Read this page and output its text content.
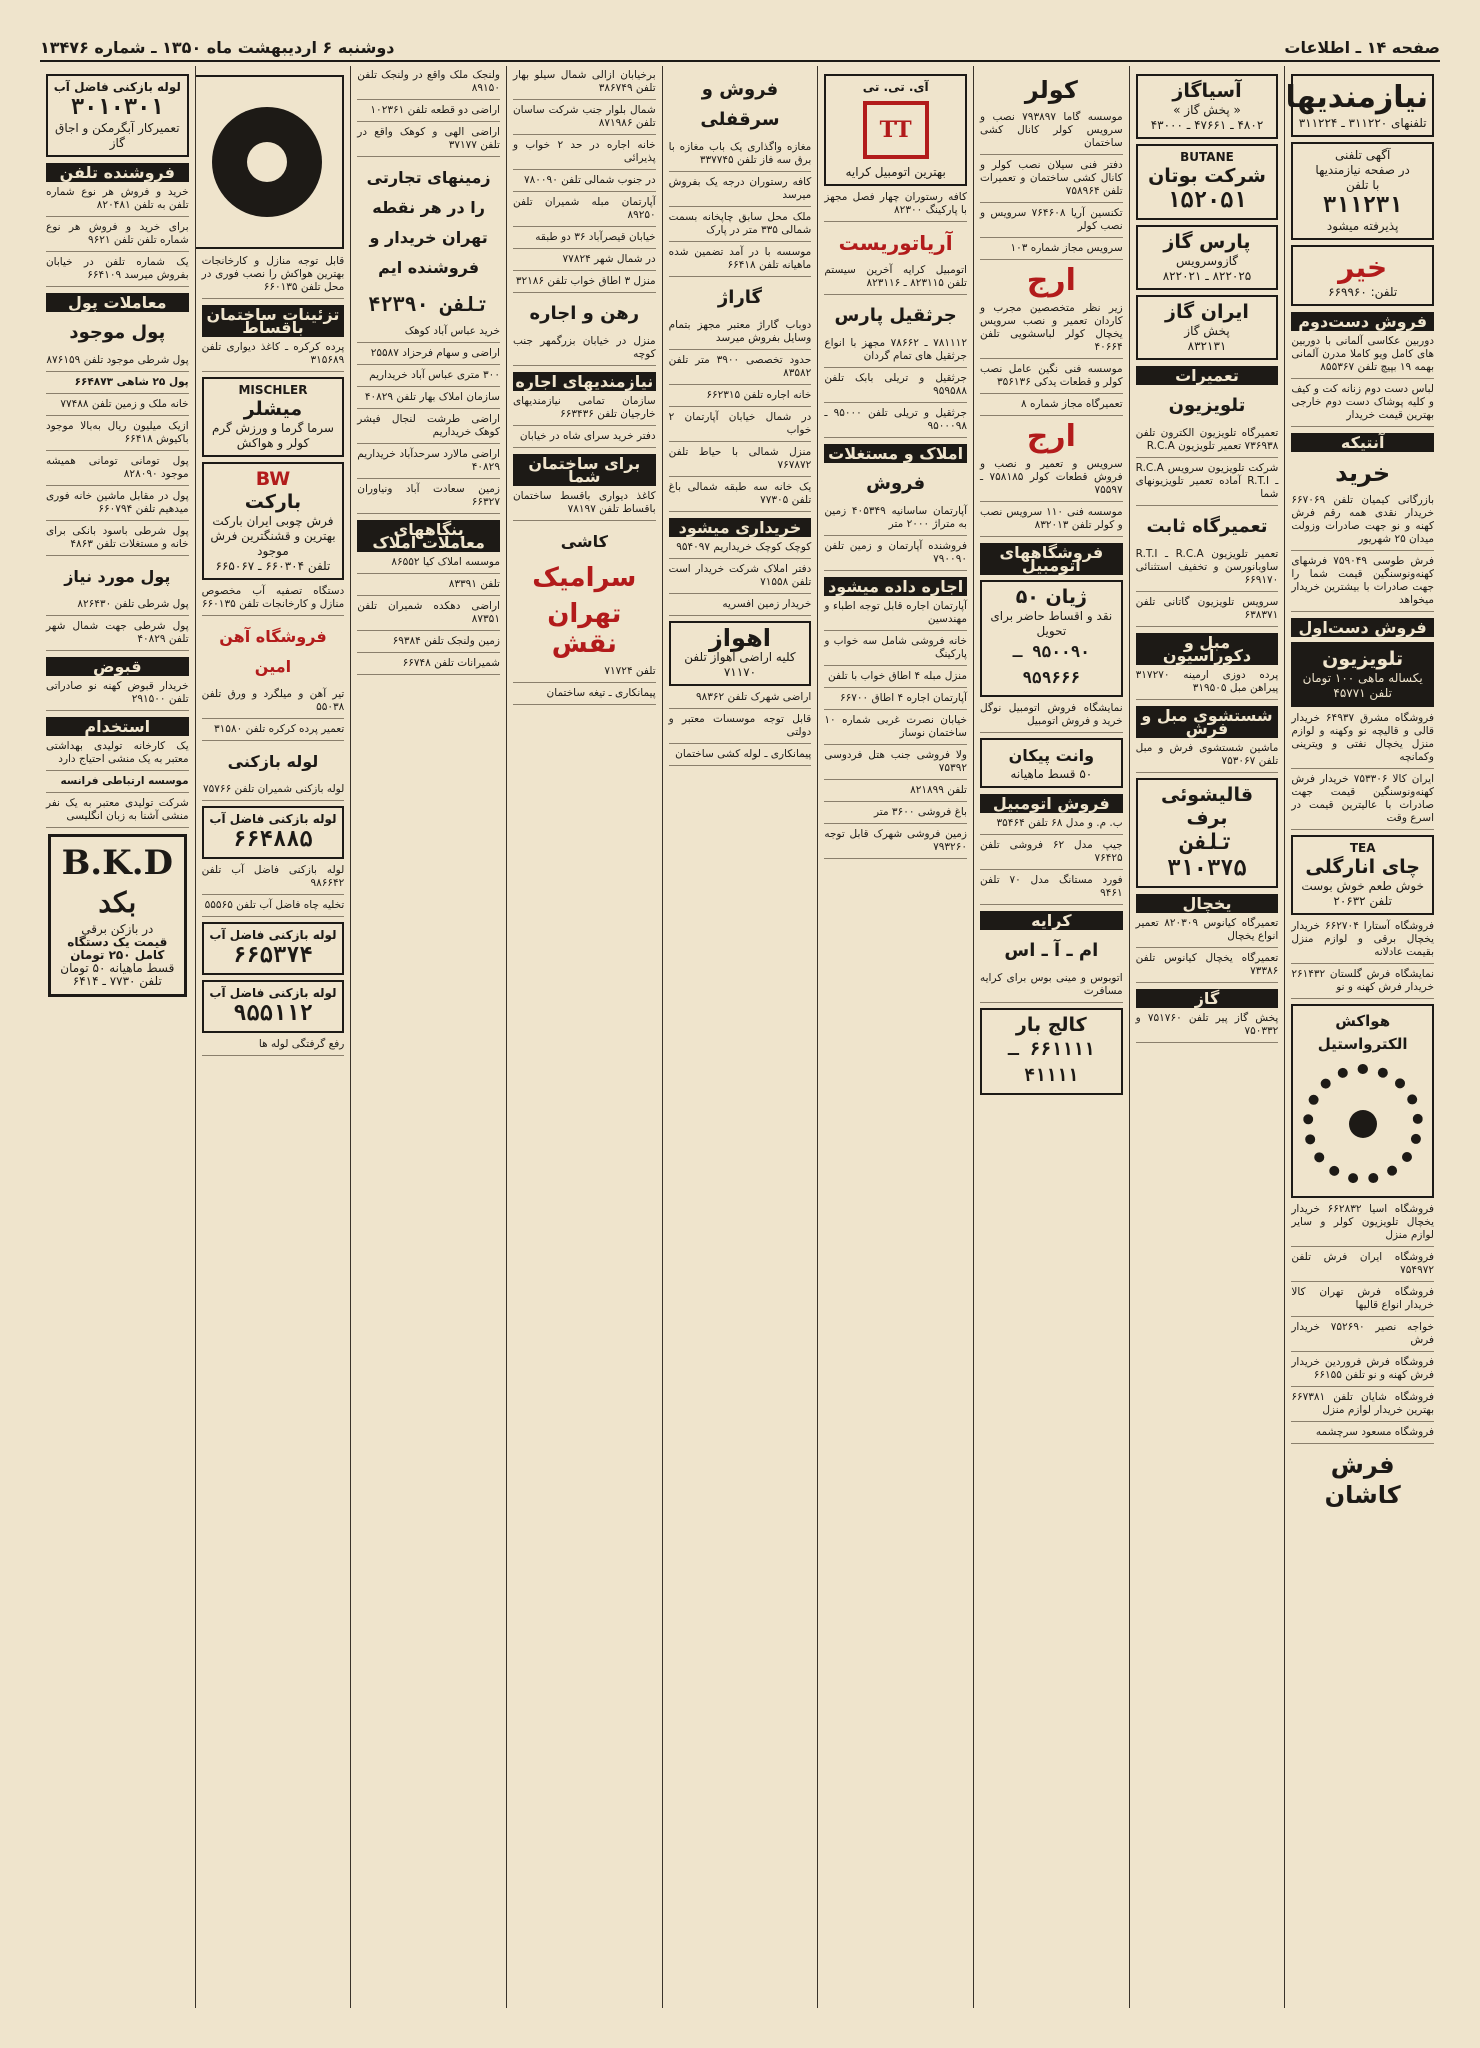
صفحه ۱۴ ـ اطلاعات
دوشنبه ۶ اردیبهشت ماه ۱۳۵۰ ـ شماره ۱۳۴۷۶
نیازمندیها
تلفنهای ۳۱۱۲۲۰ ـ ۳۱۱۲۲۴
آگهی تلفنی
در صفحه نیازمندیها
با تلفن
۳۱۱۲۳۱
پذیرفته میشود
خیر
تلفن: ۶۶۹۹۶۰
فروش دست‌دوم
دوربین عکاسی آلمانی با دوربین های کامل ویو کاملا مدرن آلمانی بهمه ۱۹ بپیچ تلفن ۸۵۵۳۶۷
لباس دست دوم زنانه کت و کیف و کلیه پوشاک دست دوم خارجی بهترین قیمت خریدار
آنتیکه
خرید
بازرگانی کیمیان تلفن ۶۶۷۰۶۹ خریدار نقدی همه رقم فرش کهنه و نو جهت صادرات وزولت میدان ۲۵ شهریور
فرش طوسی ۷۵۹۰۴۹ فرشهای کهنه‌ونو‌سنگین قیمت شما را جهت صادرات با بیشترین خریدار میخواهد
فروش دست‌اول
تلویزیون
یکساله ماهی ۱۰۰ تومان
تلفن ۴۵۷۷۱
فروشگاه مشرق ۶۴۹۳۷ خریدار قالی و قالیچه نو وکهنه و لوازم منزل یخچال نفتی و ویترینی وکمانچه
ایران کالا ۷۵۳۳۰۶ خریدار فرش کهنه‌ونوسنگین قیمت جهت صادرات با عالیترین قیمت در اسرع وقت
TEA
چای انارگلی
خوش طعم خوش بوست
تلفن ۲۰۶۳۲
فروشگاه آستارا ۶۶۲۷۰۴ خریدار یخچال برقی و لوازم منزل بقیمت عادلانه
نمایشگاه فرش گلستان ۲۶۱۴۳۲ خریدار فرش کهنه و نو
هواکش الکترواستیل
فروشگاه اسیا ۶۶۲۸۳۲ خریدار یخچال تلویزیون کولر و سایر لوازم منزل
فروشگاه ایران فرش تلفن ۷۵۴۹۷۲
فروشگاه فرش تهران کالا خریدار انواع قالیها
خواجه نصیر ۷۵۲۶۹۰ خریدار فرش
فروشگاه فرش فروردین خریدار فرش کهنه و نو تلفن ۶۶۱۵۵
فروشگاه شایان تلفن ۶۶۷۳۸۱ بهترین خریدار لوازم منزل
فروشگاه مسعود سرچشمه
فرش کاشان
آسیاگاز
« پخش گاز »
۴۸۰۲ ـ ۴۷۶۶۱ ـ ۴۳۰۰۰
BUTANE
شرکت بوتان
۱۵۲۰۵۱
پارس گاز
گازوسرویس
۸۲۲۰۲۵ ـ ۸۲۲۰۲۱
ایران گاز
پخش گاز
۸۳۲۱۳۱
تعمیرات
تلویزیون
تعمیرگاه تلویزیون الکترون تلفن ۷۳۶۹۳۸ تعمیر تلویزیون R.C.A
شرکت تلویزیون سرویس R.C.A ـ R.T.I آماده تعمیر تلویزیونهای شما
تعمیرگاه ثابت
تعمیر تلویزیون R.C.A ـ R.T.I ساوبانورسن و تخفیف استثنائی ۶۶۹۱۷۰
سرویس تلویزیون گاتانی تلفن ۶۳۸۳۷۱
مبل و دکوراسیون
پرده دوزی ارمینه ۳۱۷۲۷۰ پیراهن مبل ۳۱۹۵۰۵
شستشوی مبل و فرش
ماشین شستشوی فرش و مبل تلفن ۷۵۳۰۶۷
قالیشوئی برف
تلفن ۳۱۰۳۷۵
یخچال
تعمیرگاه کیانوس ۸۲۰۳۰۹ تعمیر انواع یخچال
تعمیرگاه یخچال کیانوس تلفن ۷۳۳۸۶
گاز
پخش گاز پیر تلفن ۷۵۱۷۶۰ و ۷۵۰۳۳۲
کولر
موسسه گاما ۷۹۳۸۹۷ نصب و سرویس کولر کانال کشی ساختمان
دفتر فنی سیلان نصب کولر و کانال کشی ساختمان و تعمیرات تلفن ۷۵۸۹۶۴
تکنسین آریا ۷۶۴۶۰۸ سرویس و نصب کولر
سرویس مجاز شماره ۱۰۳
ارج
زیر نظر متخصصین مجرب و کاردان تعمیر و نصب سرویس یخچال کولر لباسشویی تلفن ۴۰۶۶۴
موسسه فنی نگین عامل نصب کولر و قطعات یدکی ۳۵۶۱۳۶
تعمیرگاه مجاز شماره ۸
ارج
سرویس و تعمیر و نصب و فروش قطعات کولر ۷۵۸۱۸۵ ـ ۷۵۵۹۷
موسسه فنی ۱۱۰ سرویس نصب و کولر تلفن ۸۳۲۰۱۳
فروشگاههای اتومبیل
ژیان ۵۰
نقد و اقساط حاضر برای تحویل
۹۵۰۰۹۰ ـ ۹۵۹۶۶۶
نمایشگاه فروش اتومبیل نوگل خرید و فروش اتومبیل
وانت پیکان
۵۰ قسط ماهیانه
فروش اتومبیل
ب. م. و مدل ۶۸ تلفن ۳۵۴۶۴
جیپ مدل ۶۲ فروشی تلفن ۷۶۴۲۵
فورد مستانگ مدل ۷۰ تلفن ۹۴۶۱
کرایه
ام ـ آ ـ اس
اتوبوس و مینی بوس برای کرایه مسافرت
کالج بار
۶۶۱۱۱۱ ـ ۴۱۱۱۱
آی. تی. تی
TT
بهترین اتومبیل کرایه
کافه رستوران چهار فصل مجهز با پارکینگ ۸۲۳۰۰
آریاتوریست
اتومبیل کرایه آخرین سیستم تلفن ۸۲۳۱۱۵ ـ ۸۲۳۱۱۶
جرثقیل پارس
۷۸۱۱۱۲ ـ ۷۸۶۶۲ مجهز با انواع جرثقیل های تمام گردان
جرثقیل و تریلی بابک تلفن ۹۵۹۵۸۸
جرثقیل و تریلی تلفن ۹۵۰۰۰ ـ ۹۵۰۰۰۹۸
املاک و مستغلات
فروش
آپارتمان ساسانیه ۴۰۵۳۴۹ زمین به متراژ ۲۰۰۰ متر
فروشنده آپارتمان و زمین تلفن ۷۹۰۰۹۰
اجاره داده میشود
آپارتمان اجاره قابل توجه اطباء و مهندسین
خانه فروشی شامل سه خواب و پارکینگ
منزل مبله ۴ اطاق خواب با تلفن
آپارتمان اجاره ۴ اطاق ۶۶۷۰۰
خیابان نصرت غربی شماره ۱۰ ساختمان نوساز
ولا فروشی جنب هتل فردوسی ۷۵۳۹۲
تلفن ۸۲۱۸۹۹
باغ فروشی ۳۶۰۰ متر
زمین فروشی شهرک قابل توجه ۷۹۳۲۶۰
فروش و سرقفلی
مغازه واگذاری یک باب مغازه با برق سه فاز تلفن ۳۳۷۷۴۵
کافه رستوران درجه یک بفروش میرسد
ملک محل سابق چاپخانه بسمت شمالی ۳۳۵ متر در پارک
موسسه با در آمد تضمین شده ماهیانه تلفن ۶۶۴۱۸
گاراژ
دوباب گاراژ معتبر مجهز بتمام وسایل بفروش میرسد
حدود تخصصی ۳۹۰۰ متر تلفن ۸۳۵۸۲
خانه اجاره تلفن ۶۶۲۳۱۵
در شمال خیابان آپارتمان ۲ خواب
منزل شمالی با حیاط تلفن ۷۶۷۸۷۲
یک خانه سه طبقه شمالی باغ تلفن ۷۷۳۰۵
خریداری میشود
کوچک کوچک خریداریم ۹۵۴۰۹۷
دفتر املاک شرکت خریدار است تلفن ۷۱۵۵۸
خریدار زمین افسریه
اهواز
کلیه اراضی اهواز تلفن ۷۱۱۷۰
اراضی شهرک تلفن ۹۸۳۶۲
قابل توجه موسسات معتبر و دولتی
پیمانکاری ـ لوله کشی ساختمان
برخیابان ازالی شمال سیلو بهار تلفن ۳۸۶۷۴۹
شمال بلوار جنب شرکت ساسان تلفن ۸۷۱۹۸۶
خانه اجاره در حد ۲ خواب و پذیرائی
در جنوب شمالی تلفن ۷۸۰۰۹۰
آپارتمان مبله شمیران تلفن ۸۹۲۵۰
خیابان قیصرآباد ۳۶ دو طبقه
در شمال شهر ۷۷۸۲۴
منزل ۳ اطاق خواب تلفن ۳۲۱۸۶
رهن و اجاره
منزل در خیابان بزرگمهر جنب کوچه
نیازمندیهای اجاره
سازمان تمامی نیازمندیهای خارجیان تلفن ۶۶۳۴۳۶
دفتر خرید سرای شاه در خیابان
برای ساختمان شما
کاغذ دیواری باقسط ساختمان باقساط تلفن ۷۸۱۹۷
کاشی
سرامیک
تهران نقش
تلفن ۷۱۷۲۴
پیمانکاری ـ تیغه ساختمان
ولنجک ملک واقع در ولنجک تلفن ۸۹۱۵۰
اراضی دو قطعه تلفن ۱۰۲۳۶۱
اراضی الهی و کوهک واقع در تلفن ۳۷۱۷۷
زمینهای تجارتی را در هر نقطه تهران خریدار و فروشنده ایم
تلفن ۴۲۳۹۰
خرید عباس آباد کوهک
اراضی و سهام فرحزاد ۲۵۵۸۷
۳۰۰ متری عباس آباد خریداریم
سازمان املاک بهار تلفن ۴۰۸۲۹
اراضی طرشت لنجال فیشر کوهک خریداریم
اراضی مالارد سرحدآباد خریداریم ۴۰۸۲۹
زمین سعادت آباد ونیاوران ۶۶۳۲۷
بنگاههای معاملات املاک
موسسه املاک کیا ۸۶۵۵۲
تلفن ۸۳۳۹۱
اراضی دهکده شمیران تلفن ۸۷۳۵۱
زمین ولنجک تلفن ۶۹۳۸۴
شمیرانات تلفن ۶۶۷۴۸
قابل توجه منازل و کارخانجات بهترین هواکش را نصب فوری در محل تلفن ۶۶۰۱۳۵
تزئینات ساختمان باقساط
پرده کرکره ـ کاغذ دیواری تلفن ۳۱۵۶۸۹
MISCHLER
میشلر
سرما گرما و ورزش گرم کولر و هواکش
BW
بارکت
فرش چوبی ایران بارکت بهترین و قشنگترین فرش موجود
تلفن ۶۶۰۳۰۴ ـ ۶۶۵۰۶۷
دستگاه تصفیه آب مخصوص منازل و کارخانجات تلفن ۶۶۰۱۳۵
فروشگاه آهن امین
تیر آهن و میلگرد و ورق تلفن ۵۵۰۳۸
تعمیر پرده کرکره تلفن ۳۱۵۸۰
لوله بازکنی
لوله بازکنی شمیران تلفن ۷۵۷۶۶
لوله بازکنی فاضل آب
۶۶۴۸۸۵
لوله بازکنی فاضل آب تلفن ۹۸۶۶۴۲
تخلیه چاه فاضل آب تلفن ۵۵۵۶۵
لوله بازکنی فاضل آب
۶۶۵۳۷۴
لوله بازکنی فاضل آب
۹۵۵۱۱۲
رفع گرفتگی لوله ها
لوله بازکنی فاضل آب
۳۰۱۰۳۰۱
تعمیرکار آبگرمکن و اجاق گاز
فروشنده تلفن
خرید و فروش هر نوع شماره تلفن به تلفن ۸۲۰۴۸۱
برای خرید و فروش هر نوع شماره تلفن تلفن ۹۶۲۱
یک شماره تلفن در خیابان بفروش میرسد ۶۶۴۱۰۹
معاملات پول
پول موجود
پول شرطی موجود تلفن ۸۷۶۱۵۹
پول ۲۵ شاهی ۶۶۴۸۷۳
خانه ملک و زمین تلفن ۷۷۴۸۸
ازیک میلیون ریال به‌بالا موجود باکیوش ۶۶۴۱۸
پول تومانی تومانی همیشه موجود ۸۲۸۰۹۰
پول در مقابل ماشین خانه فوری میدهیم تلفن ۶۶۰۷۹۴
پول شرطی باسود بانکی برای خانه و مستغلات تلفن ۴۸۶۳
پول مورد نیاز
پول شرطی تلفن ۸۲۶۴۳۰
پول شرطی جهت شمال شهر تلفن ۴۰۸۲۹
قبوض
خریدار قبوض کهنه نو صادراتی تلفن ۲۹۱۵۰۰
استخدام
یک کارخانه تولیدی بهداشتی معتبر به یک منشی احتیاج دارد
موسسه ارتباطی فرانسه
شرکت تولیدی معتبر به یک نفر منشی آشنا به زبان انگلیسی
B.K.D
بکد
در بازکن برقی
قیمت یک دستگاه کامل ۲۵۰ تومان
قسط ماهیانه ۵۰ تومان
تلفن ۷۷۳۰ ـ ۶۴۱۴
